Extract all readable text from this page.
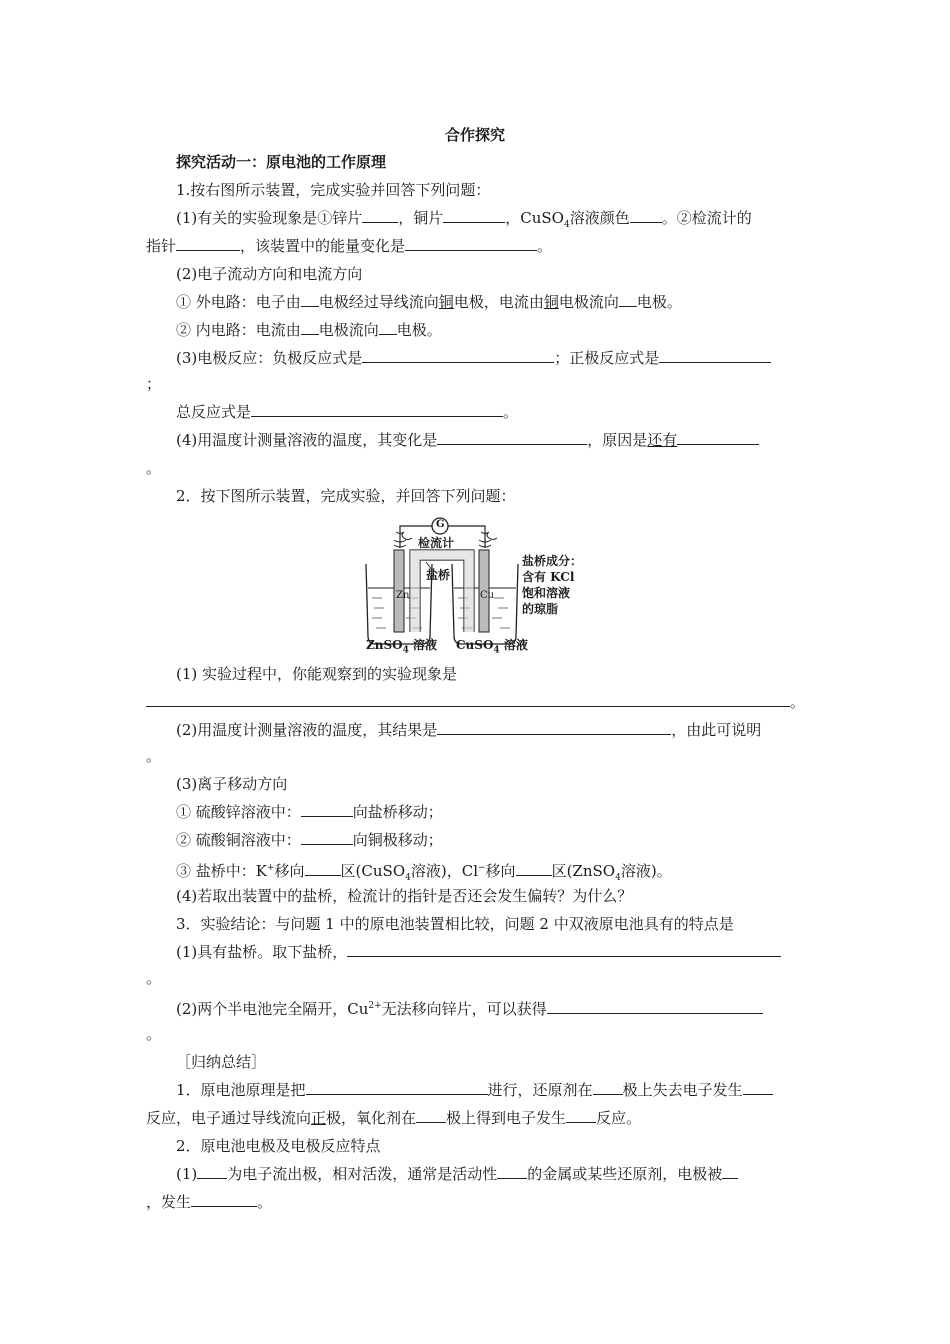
合作探究
探究活动一：原电池的工作原理
1.按右图所示装置，完成实验并回答下列问题：
(1)有关的实验现象是①锌片 ，铜片	，CuSO$_4$溶液颜色 。②检流计的
指针	，该装置中的能量变化是	。
(2)电子流动方向和电流方向
① 外电路：电子由 电极经过导线流向铜电极，电流由铜电极流向 电极。
② 内电路：电流由 电极流向 电极。
(3)电极反应：负极反应式是	；正极反应式是
；
总反应式是	。
(4)用温度计测量溶液的温度，其变化是	，原因是还有
。
2．按下图所示装置，完成实验，并回答下列问题：
G
检流计
盐桥
Zn	Cu
盐桥成分：
含有 KCl
饱和溶液
的琼脂
ZnSO$_4$ 溶液 CuSO$_4$ 溶液
(1) 实验过程中，你能观察到的实验现象是
。
(2)用温度计测量溶液的温度，其结果是	，由此可说明
。
(3)离子移动方向
① 硫酸锌溶液中：	向盐桥移动；
② 硫酸铜溶液中：	向铜极移动；
③ 盐桥中：K+移向 区(CuSO$_4$溶液)，Cl−移向 区(ZnSO$_4$溶液)。
(4)若取出装置中的盐桥，检流计的指针是否还会发生偏转？为什么？
3．实验结论：与问题 1 中的原电池装置相比较，问题 2 中双液原电池具有的特点是
(1)具有盐桥。取下盐桥，
。
(2)两个半电池完全隔开，$Cu^{2+}$无法移向锌片，可以获得
。
［归纳总结］
1．原电池原理是把	进行，还原剂在 极上失去电子发生
反应，电子通过导线流向正极，氧化剂在 极上得到电子发生 反应。
2．原电池电极及电极反应特点
(1) 为电子流出极，相对活泼，通常是活动性 的金属或某些还原剂，电极被
，发生	。
